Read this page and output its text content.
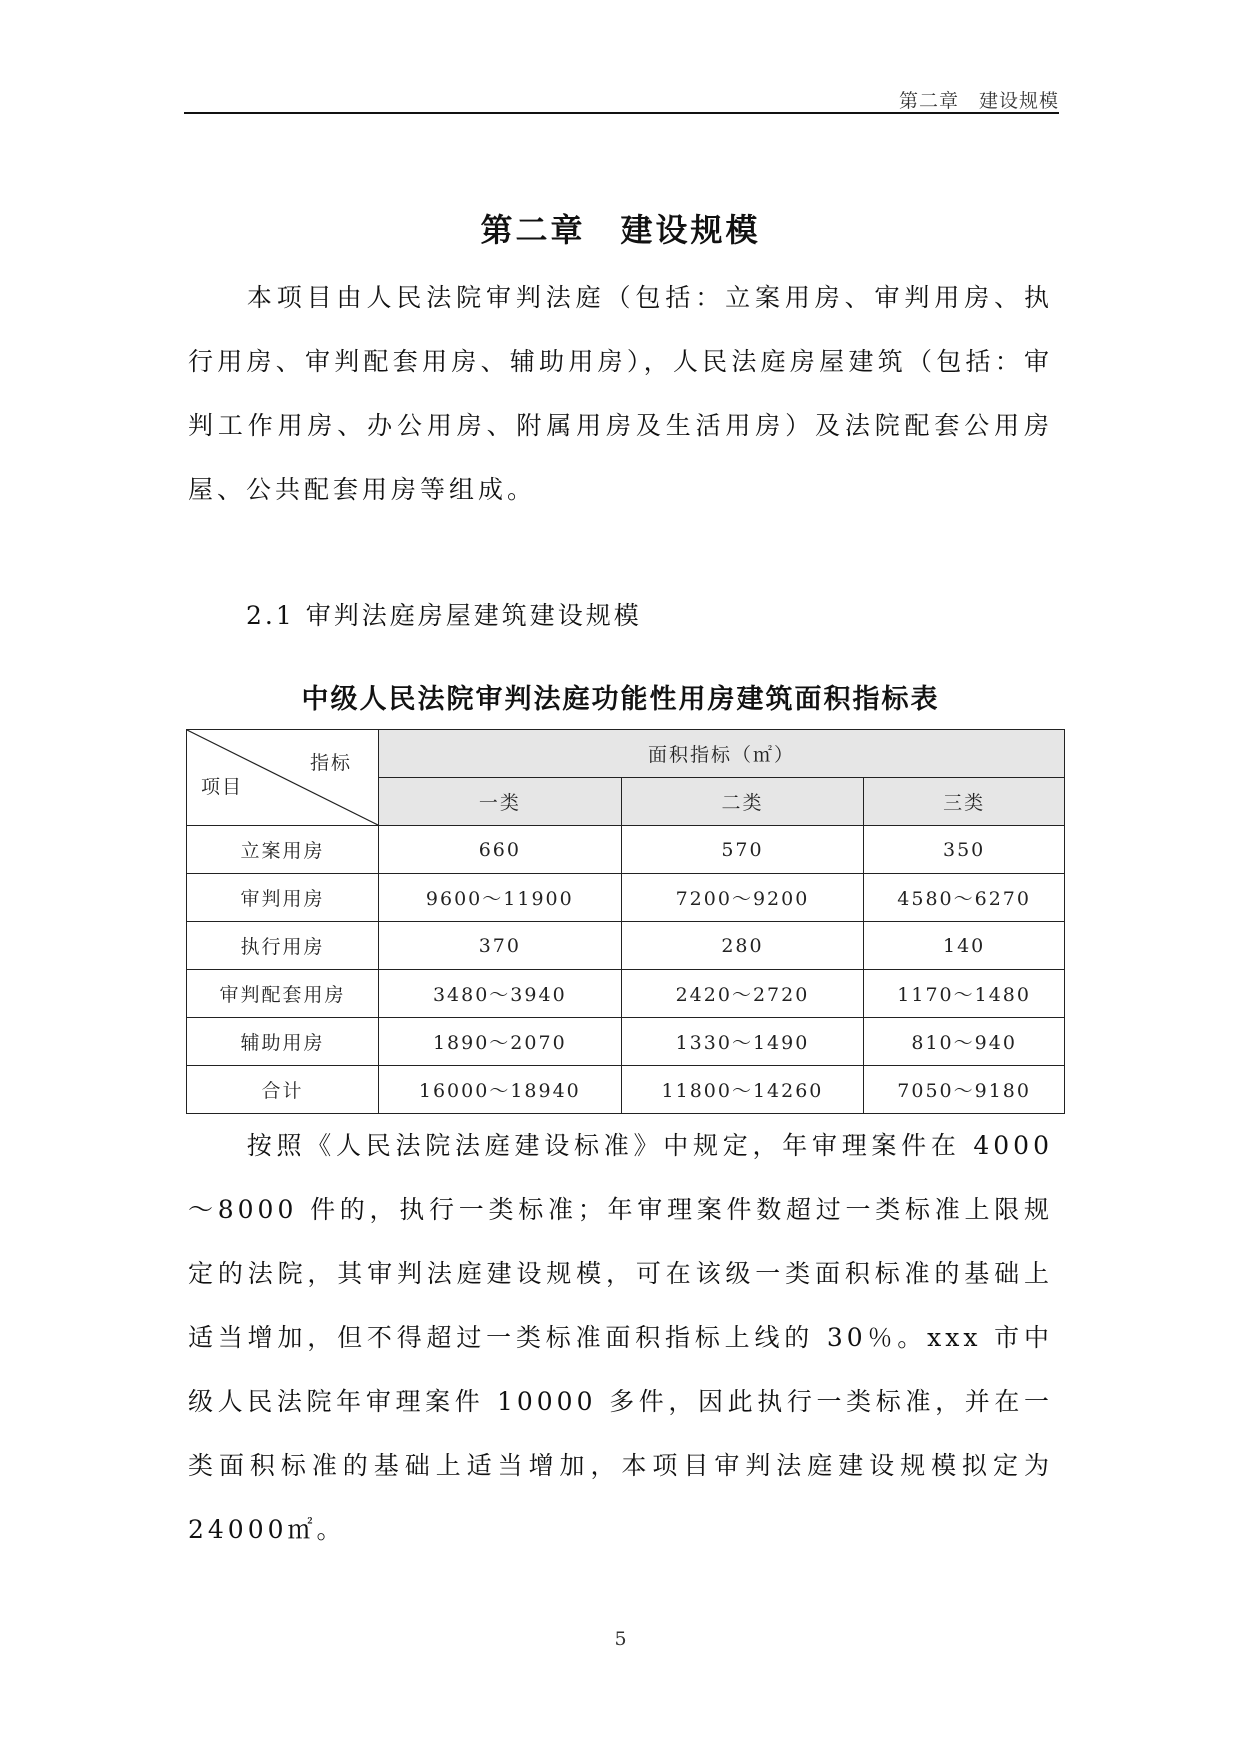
第二章　建设规模
第二章　建设规模
本项目由人民法院审判法庭（包括：立案用房、审判用房、执行用房、审判配套用房、辅助用房），人民法庭房屋建筑（包括：审判工作用房、办公用房、附属用房及生活用房）及法院配套公用房屋、公共配套用房等组成。
2.1 审判法庭房屋建筑建设规模
中级人民法院审判法庭功能性用房建筑面积指标表
指标
项目	面积指标（㎡）		
	一类	二类	三类
立案用房	660	570	350
审判用房	9600～11900	7200～9200	4580～6270
执行用房	370	280	140
审判配套用房	3480～3940	2420～2720	1170～1480
辅助用房	1890～2070	1330～1490	810～940
合计	16000～18940	11800～14260	7050～9180
按照《人民法院法庭建设标准》中规定，年审理案件在 4000～8000 件的，执行一类标准；年审理案件数超过一类标准上限规定的法院，其审判法庭建设规模，可在该级一类面积标准的基础上适当增加，但不得超过一类标准面积指标上线的 30％。xxx 市中级人民法院年审理案件 10000 多件，因此执行一类标准，并在一类面积标准的基础上适当增加，本项目审判法庭建设规模拟定为 24000㎡。
5
